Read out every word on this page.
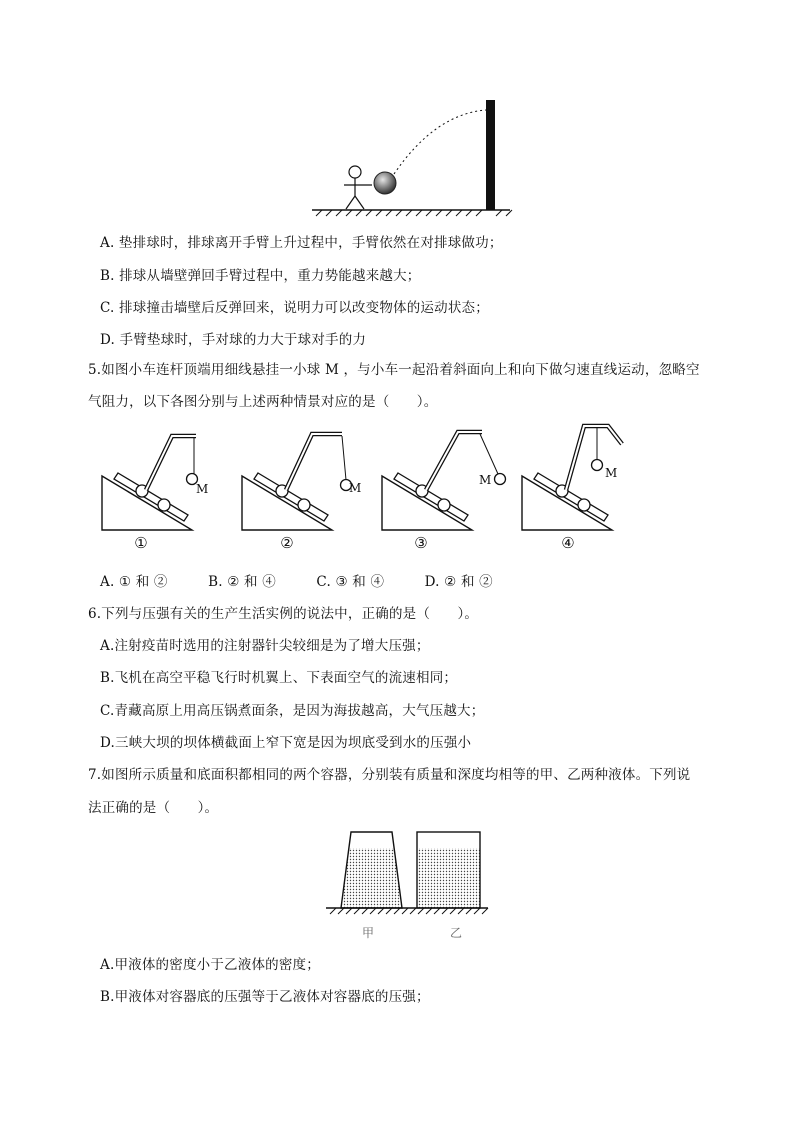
A. 垫排球时，排球离开手臂上升过程中，手臂依然在对排球做功；
B. 排球从墙壁弹回手臂过程中，重力势能越来越大；
C. 排球撞击墙壁后反弹回来，说明力可以改变物体的运动状态；
D. 手臂垫球时，手对球的力大于球对手的力
5.如图小车连杆顶端用细线悬挂一小球 M ，与小车一起沿着斜面向上和向下做匀速直线运动，忽略空
气阻力，以下各图分别与上述两种情景对应的是（　　）。
M	M
M	M
①	②	③	④
A. ① 和 ②	B. ② 和 ④	C. ③ 和 ④	D. ② 和 ②
6.下列与压强有关的生产生活实例的说法中，正确的是（　　）。
A.注射疫苗时选用的注射器针尖较细是为了增大压强；
B.飞机在高空平稳飞行时机翼上、下表面空气的流速相同；
C.青藏高原上用高压锅煮面条，是因为海拔越高，大气压越大；
D.三峡大坝的坝体横截面上窄下宽是因为坝底受到水的压强小
7.如图所示质量和底面积都相同的两个容器，分别装有质量和深度均相等的甲、乙两种液体。下列说
法正确的是（　　）。
甲	乙
A.甲液体的密度小于乙液体的密度；
B.甲液体对容器底的压强等于乙液体对容器底的压强；
